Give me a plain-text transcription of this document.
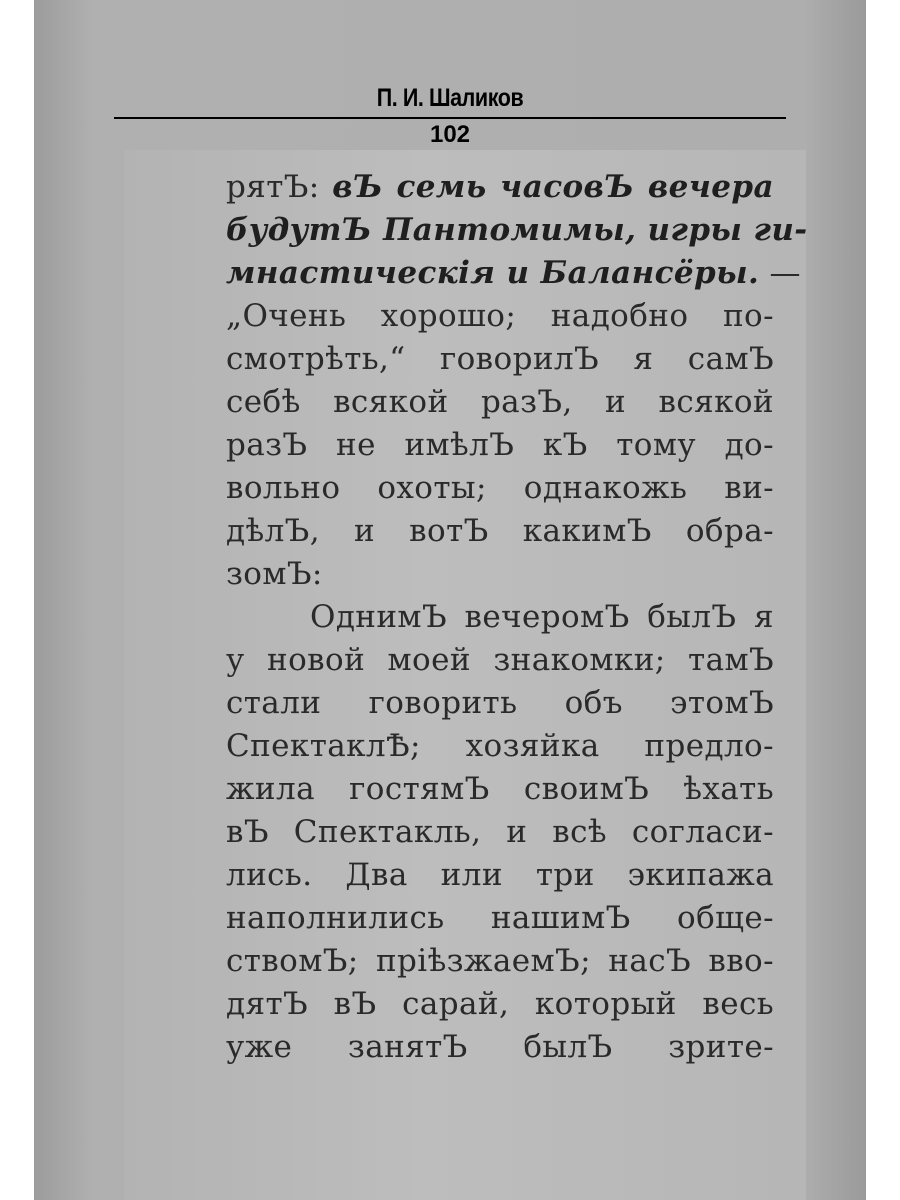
П. И. Шаликов
102
рятЪ: вЪ семь часовЪ вечера
будутЪ Пантомимы, игры ги-
мнастическія и Балансёры. —
„Очень хорошо; надобно по-
смотрѣть,“ говорилЪ я самЪ
себѣ всякой разЪ, и всякой
разЪ не имѣлЪ кЪ тому до-
вольно охоты; однакожь ви-
дѣлЪ, и вотЪ какимЪ обра-
зомЪ:
ОднимЪ вечеромЪ былЪ я
у новой моей знакомки; тамЪ
стали говорить объ этомЪ
СпектаклѢ; хозяйка предло-
жила гостямЪ своимЪ ѣхать
вЪ Спектакль, и всѣ согласи-
лись. Два или три экипажа
наполнились нашимЪ обще-
ствомЪ; пріѣзжаемЪ; насЪ вво-
дятЪ вЪ сарай, который весь
уже занятЪ былЪ зрите-
